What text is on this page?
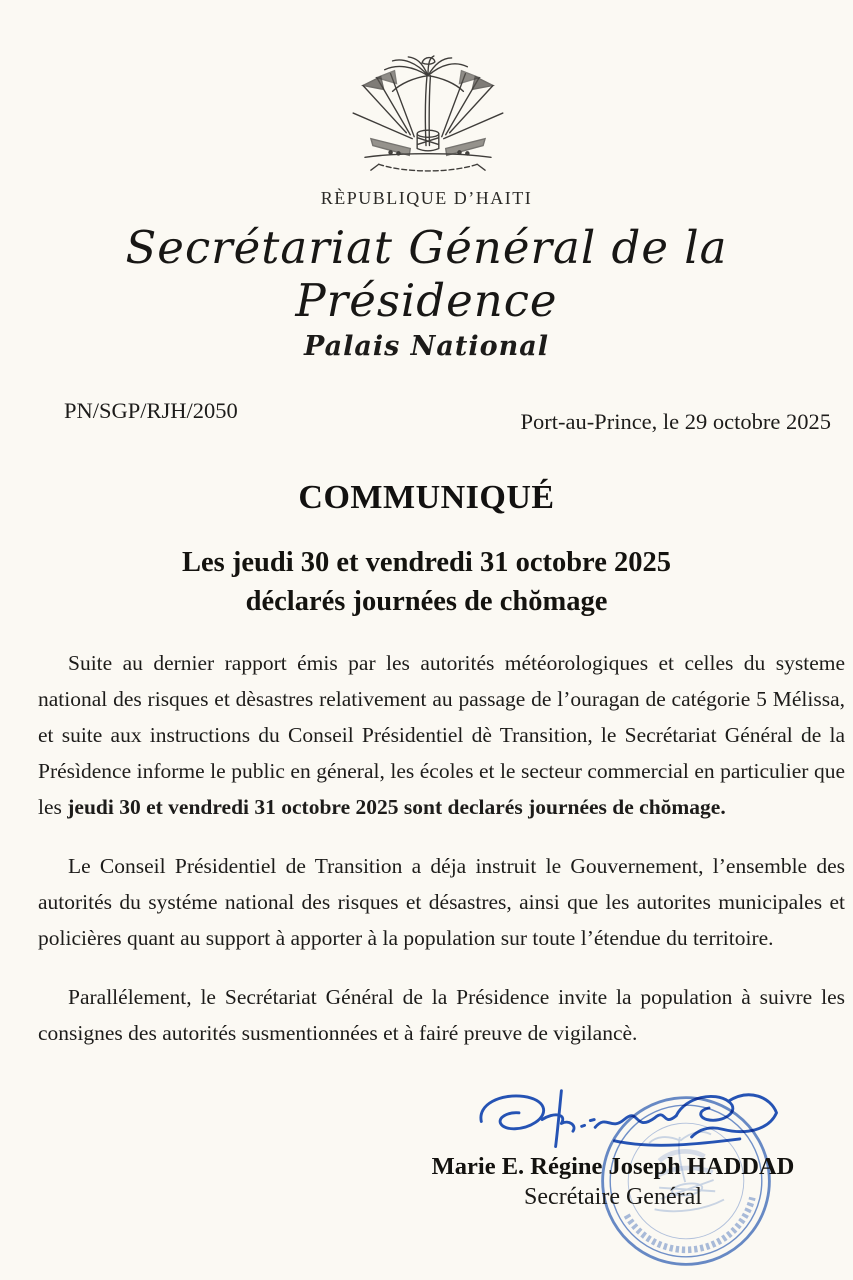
RÈPUBLIQUE D’HAITI
Secrétariat Général de la Présidence
Palais National
PN/SGP/RJH/2050	Port-au-Prince, le 29 octobre 2025
COMMUNIQUÉ
Les jeudi 30 et vendredi 31 octobre 2025
déclarés journées de chŏmage

Suite au dernier rapport émis par les autorités météorologiques et celles du systeme national des risques et dèsastres relativement au passage de l’ouragan de catégorie 5 Mélissa, et suite aux instructions du Conseil Présidentiel dè Transition, le Secrétariat Général de la Présìdence informe le public en géneral, les écoles et le secteur commercial en particulier que les jeudi 30 et vendredi 31 octobre 2025 sont declarés journées de chŏmage.

Le Conseil Présidentiel de Transition a déja instruit le Gouvernement, l’ensemble des autorités du systéme national des risques et désastres, ainsi que les autorites municipales et policières quant au support à apporter à la population sur toute l’étendue du territoire.

Parallélement, le Secrétariat Général de la Présidence invite la population à suivre les consignes des autorités susmentionnées et à fairé preuve de vigilancè.

Marie E. Régine Joseph HADDAD
Secrétaire Genéral
